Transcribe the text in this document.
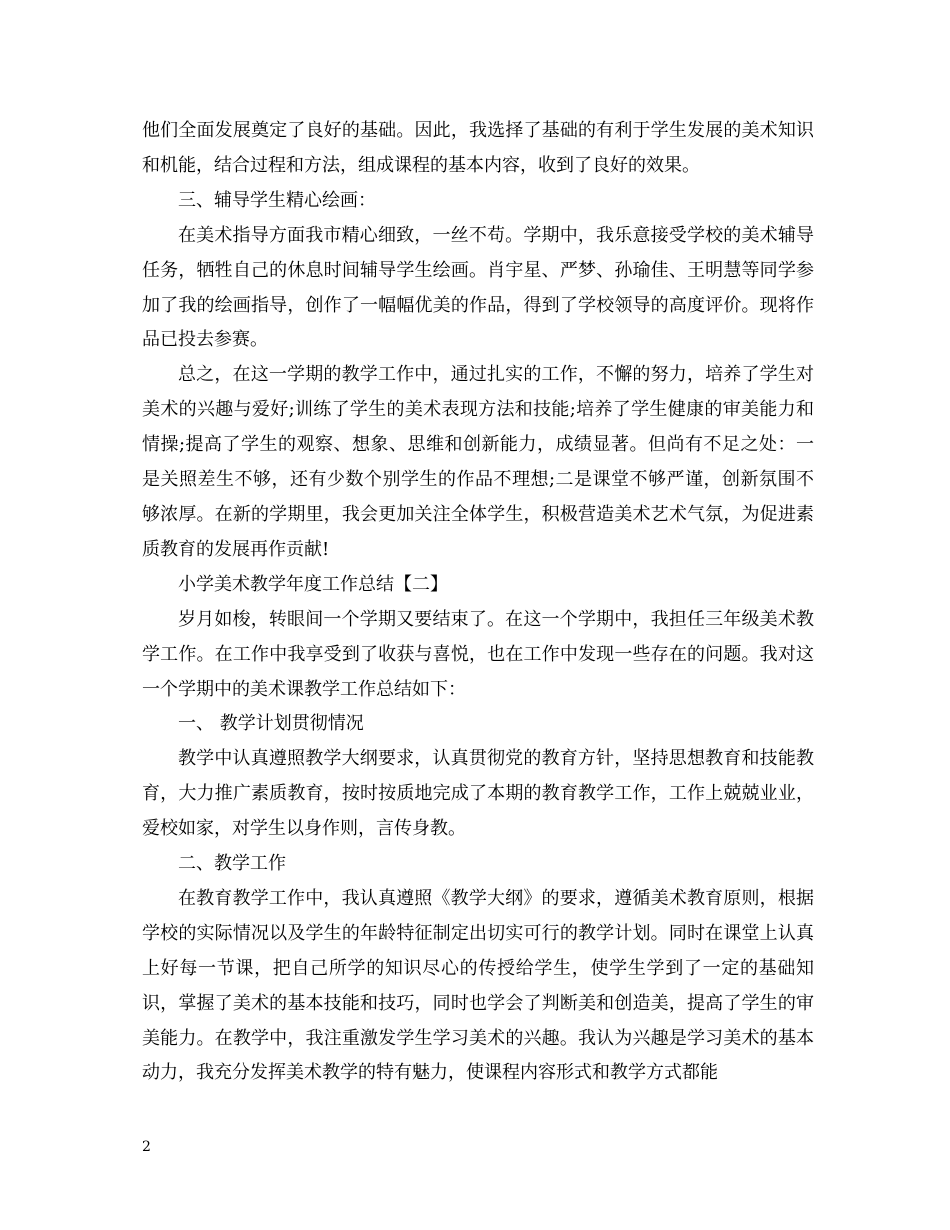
他们全面发展奠定了良好的基础。因此，我选择了基础的有利于学生发展的美术知识和机能，结合过程和方法，组成课程的基本内容，收到了良好的效果。

三、辅导学生精心绘画：

在美术指导方面我市精心细致，一丝不苟。学期中，我乐意接受学校的美术辅导任务，牺牲自己的休息时间辅导学生绘画。肖宇星、严梦、孙瑜佳、王明慧等同学参加了我的绘画指导，创作了一幅幅优美的作品，得到了学校领导的高度评价。现将作品已投去参赛。

总之，在这一学期的教学工作中，通过扎实的工作，不懈的努力，培养了学生对美术的兴趣与爱好;训练了学生的美术表现方法和技能;培养了学生健康的审美能力和情操;提高了学生的观察、想象、思维和创新能力，成绩显著。但尚有不足之处：一是关照差生不够，还有少数个别学生的作品不理想;二是课堂不够严谨，创新氛围不够浓厚。在新的学期里，我会更加关注全体学生，积极营造美术艺术气氛，为促进素质教育的发展再作贡献!

小学美术教学年度工作总结【二】

岁月如梭，转眼间一个学期又要结束了。在这一个学期中，我担任三年级美术教学工作。在工作中我享受到了收获与喜悦，也在工作中发现一些存在的问题。我对这一个学期中的美术课教学工作总结如下：

一、 教学计划贯彻情况

教学中认真遵照教学大纲要求，认真贯彻党的教育方针，坚持思想教育和技能教育，大力推广素质教育，按时按质地完成了本期的教育教学工作，工作上兢兢业业，爱校如家，对学生以身作则，言传身教。

二、教学工作

在教育教学工作中，我认真遵照《教学大纲》的要求，遵循美术教育原则，根据学校的实际情况以及学生的年龄特征制定出切实可行的教学计划。同时在课堂上认真上好每一节课，把自己所学的知识尽心的传授给学生，使学生学到了一定的基础知识，掌握了美术的基本技能和技巧，同时也学会了判断美和创造美，提高了学生的审美能力。在教学中，我注重激发学生学习美术的兴趣。我认为兴趣是学习美术的基本动力，我充分发挥美术教学的特有魅力，使课程内容形式和教学方式都能

2
